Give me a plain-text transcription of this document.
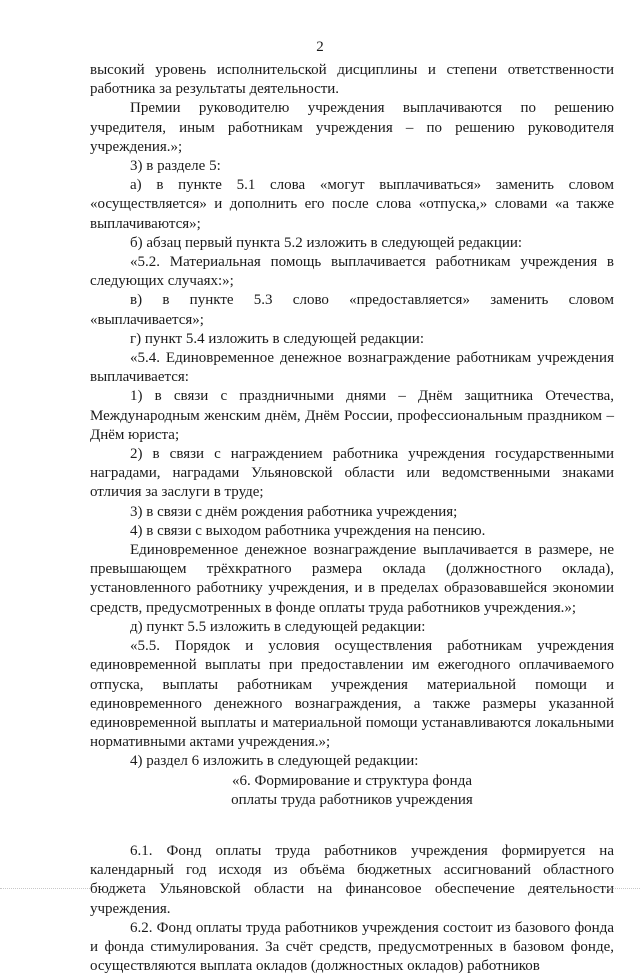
2

высокий уровень исполнительской дисциплины и степени ответственности работника за результаты деятельности.

Премии руководителю учреждения выплачиваются по решению учредителя, иным работникам учреждения – по решению руководителя учреждения.»;

3) в разделе 5:

а) в пункте 5.1 слова «могут выплачиваться» заменить словом «осуществляется» и дополнить его после слова «отпуска,» словами «а также выплачиваются»;

б) абзац первый пункта 5.2 изложить в следующей редакции:

«5.2. Материальная помощь выплачивается работникам учреждения в следующих случаях:»;

в) в пункте 5.3 слово «предоставляется» заменить словом «выплачивается»;

г) пункт 5.4 изложить в следующей редакции:

«5.4. Единовременное денежное вознаграждение работникам учреждения выплачивается:

1) в связи с праздничными днями – Днём защитника Отечества, Международным женским днём, Днём России, профессиональным праздником – Днём юриста;

2) в связи с награждением работника учреждения государственными наградами, наградами Ульяновской области или ведомственными знаками отличия за заслуги в труде;

3) в связи с днём рождения работника учреждения;

4) в связи с выходом работника учреждения на пенсию.

Единовременное денежное вознаграждение выплачивается в размере, не превышающем трёхкратного размера оклада (должностного оклада), установленного работнику учреждения, и в пределах образовавшейся экономии средств, предусмотренных в фонде оплаты труда работников учреждения.»;

д) пункт 5.5 изложить в следующей редакции:

«5.5. Порядок и условия осуществления работникам учреждения единовременной выплаты при предоставлении им ежегодного оплачиваемого отпуска, выплаты работникам учреждения материальной помощи и единовременного денежного вознаграждения, а также размеры указанной единовременной выплаты и материальной помощи устанавливаются локальными нормативными актами учреждения.»;

4) раздел 6 изложить в следующей редакции:

«6. Формирование и структура фонда

оплаты труда работников учреждения

6.1. Фонд оплаты труда работников учреждения формируется на календарный год исходя из объёма бюджетных ассигнований областного бюджета Ульяновской области на финансовое обеспечение деятельности учреждения.

6.2. Фонд оплаты труда работников учреждения состоит из базового фонда и фонда стимулирования. За счёт средств, предусмотренных в базовом фонде, осуществляются выплата окладов (должностных окладов) работников
